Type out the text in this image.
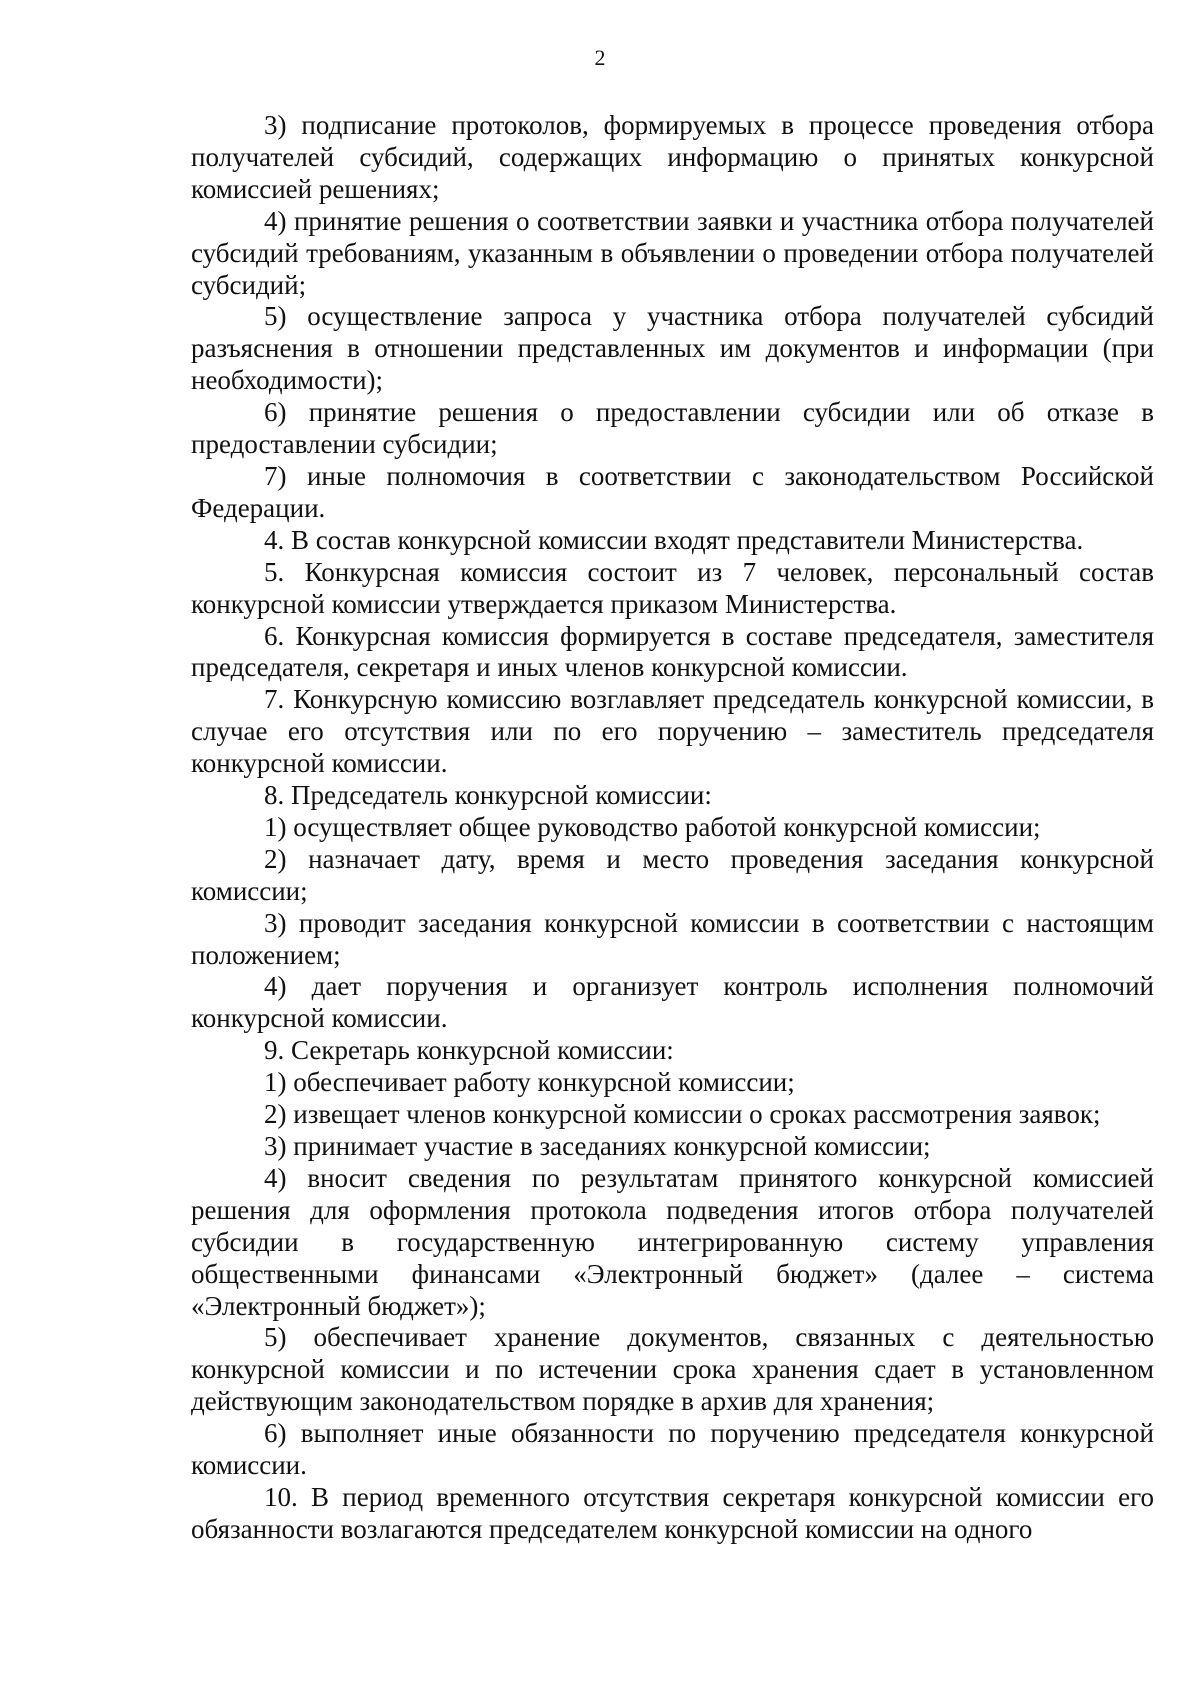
2

3) подписание протоколов, формируемых в процессе проведения отбора получателей субсидий, содержащих информацию о принятых конкурсной комиссией решениях;

4) принятие решения о соответствии заявки и участника отбора получателей субсидий требованиям, указанным в объявлении о проведении отбора получателей субсидий;

5) осуществление запроса у участника отбора получателей субсидий разъяснения в отношении представленных им документов и информации (при необходимости);

6) принятие решения о предоставлении субсидии или об отказе в предоставлении субсидии;

7) иные полномочия в соответствии с законодательством Российской Федерации.

4. В состав конкурсной комиссии входят представители Министерства.

5. Конкурсная комиссия состоит из 7 человек, персональный состав конкурсной комиссии утверждается приказом Министерства.

6. Конкурсная комиссия формируется в составе председателя, заместителя председателя, секретаря и иных членов конкурсной комиссии.

7. Конкурсную комиссию возглавляет председатель конкурсной комиссии, в случае его отсутствия или по его поручению – заместитель председателя конкурсной комиссии.

8. Председатель конкурсной комиссии:

1) осуществляет общее руководство работой конкурсной комиссии;

2) назначает дату, время и место проведения заседания конкурсной комиссии;

3) проводит заседания конкурсной комиссии в соответствии с настоящим положением;

4) дает поручения и организует контроль исполнения полномочий конкурсной комиссии.

9. Секретарь конкурсной комиссии:

1) обеспечивает работу конкурсной комиссии;

2) извещает членов конкурсной комиссии о сроках рассмотрения заявок;

3) принимает участие в заседаниях конкурсной комиссии;

4) вносит сведения по результатам принятого конкурсной комиссией решения для оформления протокола подведения итогов отбора получателей субсидии в государственную интегрированную систему управления общественными финансами «Электронный бюджет» (далее – система «Электронный бюджет»);

5) обеспечивает хранение документов, связанных с деятельностью конкурсной комиссии и по истечении срока хранения сдает в установленном действующим законодательством порядке в архив для хранения;

6) выполняет иные обязанности по поручению председателя конкурсной комиссии.

10. В период временного отсутствия секретаря конкурсной комиссии его обязанности возлагаются председателем конкурсной комиссии на одного
